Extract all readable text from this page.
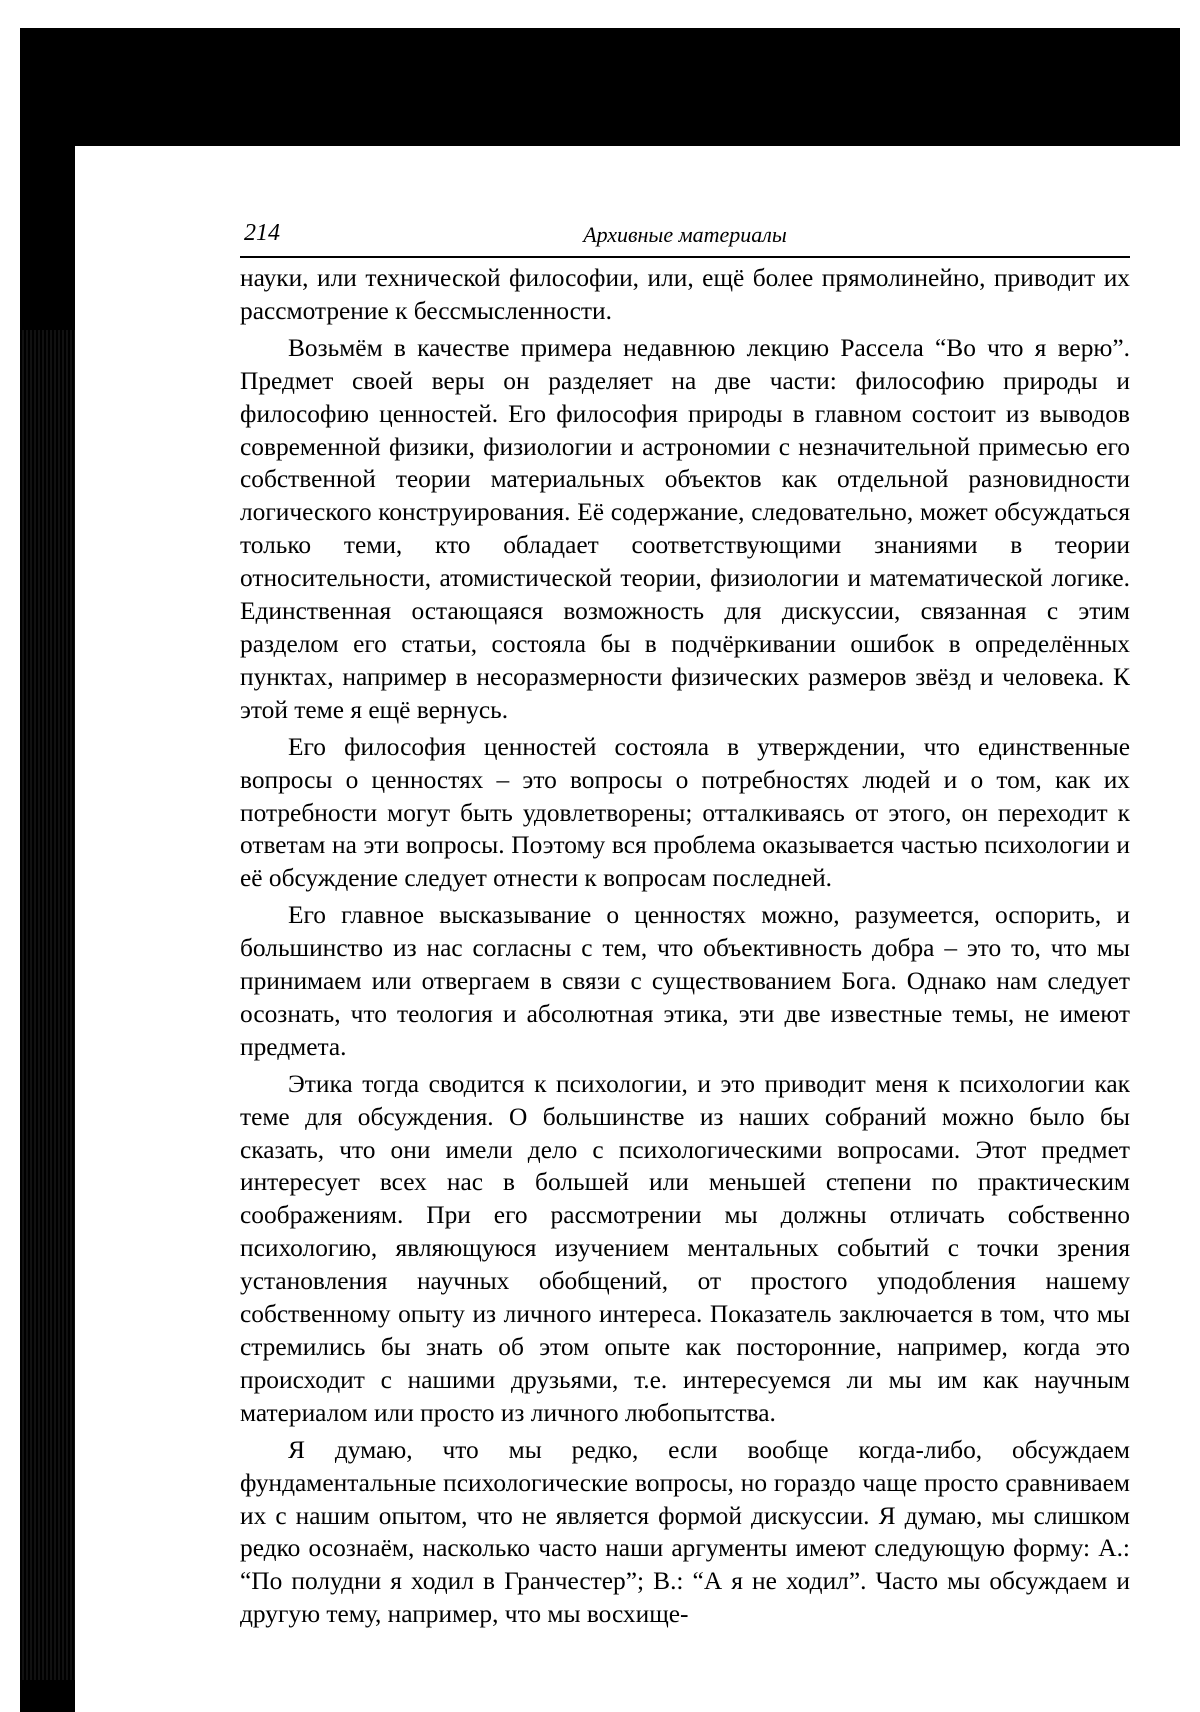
214	Архивные материалы

науки, или технической философии, или, ещё более прямолинейно, приводит их рассмотрение к бессмысленности.

Возьмём в качестве примера недавнюю лекцию Рассела “Во что я верю”. Предмет своей веры он разделяет на две части: философию природы и философию ценностей. Его философия природы в главном состоит из выводов современной физики, физиологии и астрономии с незначительной примесью его собственной теории материальных объектов как отдельной разновидности логического конструирования. Её содержание, следовательно, может обсуждаться только теми, кто обладает соответствующими знаниями в теории относительности, атомистической теории, физиологии и математической логике. Единственная остающаяся возможность для дискуссии, связанная с этим разделом его статьи, состояла бы в подчёркивании ошибок в определённых пунктах, например в несоразмерности физических размеров звёзд и человека. К этой теме я ещё вернусь.

Его философия ценностей состояла в утверждении, что единственные вопросы о ценностях – это вопросы о потребностях людей и о том, как их потребности могут быть удовлетворены; отталкиваясь от этого, он переходит к ответам на эти вопросы. Поэтому вся проблема оказывается частью психологии и её обсуждение следует отнести к вопросам последней.

Его главное высказывание о ценностях можно, разумеется, оспорить, и большинство из нас согласны с тем, что объективность добра – это то, что мы принимаем или отвергаем в связи с существованием Бога. Однако нам следует осознать, что теология и абсолютная этика, эти две известные темы, не имеют предмета.

Этика тогда сводится к психологии, и это приводит меня к психологии как теме для обсуждения. О большинстве из наших собраний можно было бы сказать, что они имели дело с психологическими вопросами. Этот предмет интересует всех нас в большей или меньшей степени по практическим соображениям. При его рассмотрении мы должны отличать собственно психологию, являющуюся изучением ментальных событий с точки зрения установления научных обобщений, от простого уподобления нашему собственному опыту из личного интереса. Показатель заключается в том, что мы стремились бы знать об этом опыте как посторонние, например, когда это происходит с нашими друзьями, т.е. интересуемся ли мы им как научным материалом или просто из личного любопытства.

Я думаю, что мы редко, если вообще когда-либо, обсуждаем фундаментальные психологические вопросы, но гораздо чаще просто сравниваем их с нашим опытом, что не является формой дискуссии. Я думаю, мы слишком редко осознаём, насколько часто наши аргументы имеют следующую форму: А.: “По полудни я ходил в Гранчестер”; В.: “А я не ходил”. Часто мы обсуждаем и другую тему, например, что мы восхище-
